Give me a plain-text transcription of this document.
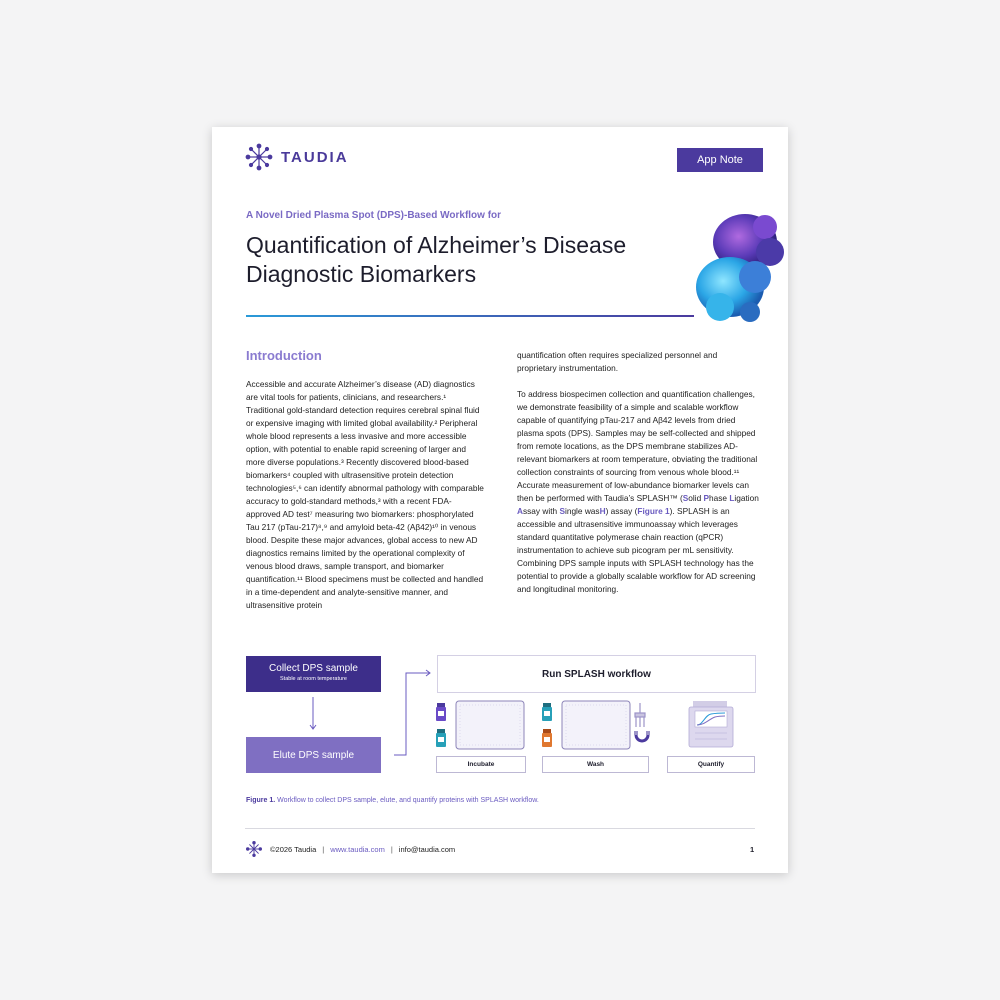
TAUDIA	App Note
A Novel Dried Plasma Spot (DPS)-Based Workflow for
Quantification of Alzheimer’s Disease Diagnostic Biomarkers
Introduction

Accessible and accurate Alzheimer’s disease (AD) diagnostics are vital tools for patients, clinicians, and researchers.¹ Traditional gold-standard detection requires cerebral spinal fluid or expensive imaging with limited global availability.² Peripheral whole blood represents a less invasive and more accessible option, with potential to enable rapid screening of larger and more diverse populations.³ Recently discovered blood-based biomarkers⁴ coupled with ultrasensitive protein detection technologies⁵,⁶ can identify abnormal pathology with comparable accuracy to gold-standard methods,³ with a recent FDA-approved AD test⁷ measuring two biomarkers: phosphorylated Tau 217 (pTau-217)⁸,⁹ and amyloid beta-42 (Aβ42)¹⁰ in venous blood. Despite these major advances, global access to new AD diagnostics remains limited by the operational complexity of venous blood draws, sample transport, and biomarker quantification.¹¹ Blood specimens must be collected and handled in a time-dependent and analyte-sensitive manner, and ultrasensitive protein

quantification often requires specialized personnel and proprietary instrumentation.

To address biospecimen collection and quantification challenges, we demonstrate feasibility of a simple and scalable workflow capable of quantifying pTau-217 and Aβ42 levels from dried plasma spots (DPS). Samples may be self-collected and shipped from remote locations, as the DPS membrane stabilizes AD-relevant biomarkers at room temperature, obviating the traditional collection constraints of sourcing from venous whole blood.¹¹ Accurate measurement of low-abundance biomarker levels can then be performed with Taudia’s SPLASH™ (Solid Phase Ligation Assay with Single wasH) assay (Figure 1). SPLASH is an accessible and ultrasensitive immunoassay which leverages standard quantitative polymerase chain reaction (qPCR) instrumentation to achieve sub picogram per mL sensitivity. Combining DPS sample inputs with SPLASH technology has the potential to provide a globally scalable workflow for AD screening and longitudinal monitoring.

Collect DPS sample
Stable at room temperature
Elute DPS sample
Run SPLASH workflow
Incubate	Wash	Quantify
Figure 1. Workflow to collect DPS sample, elute, and quantify proteins with SPLASH workflow.
©2026 Taudia | www.taudia.com | info@taudia.com	1
